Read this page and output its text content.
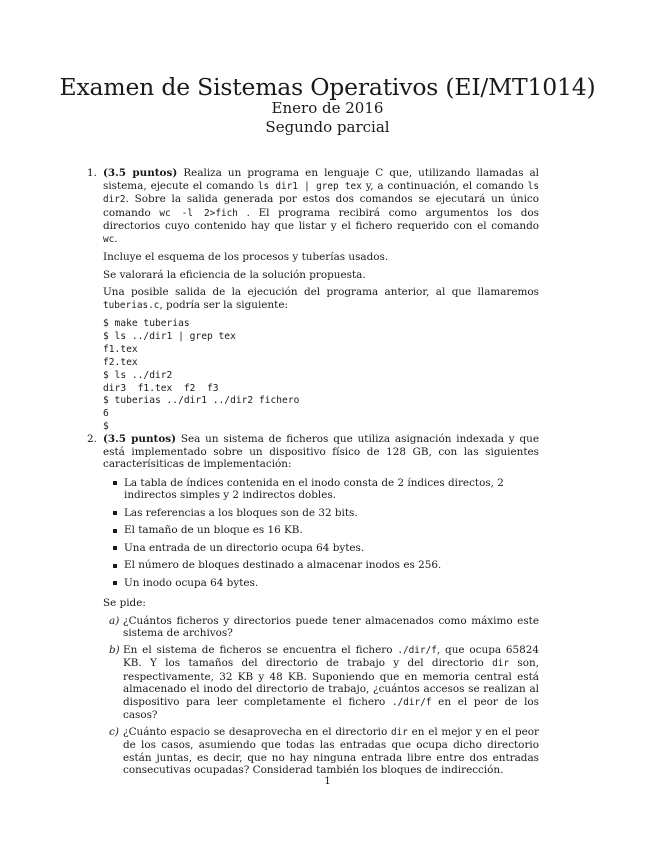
Examen de Sistemas Operativos (EI/MT1014)
Enero de 2016
Segundo parcial
1. (3.5 puntos) Realiza un programa en lenguaje C que, utilizando llamadas al sistema, ejecute el comando ls dir1 | grep tex y, a continuación, el comando ls dir2. Sobre la salida generada por estos dos comandos se ejecutará un único comando wc -l 2>fich . El programa recibirá como argumentos los dos directorios cuyo contenido hay que listar y el fichero requerido con el comando wc.

Incluye el esquema de los procesos y tuberías usados.

Se valorará la eficiencia de la solución propuesta.

Una posible salida de la ejecución del programa anterior, al que llamaremos tuberias.c, podría ser la siguiente:

$ make tuberias
$ ls ../dir1 | grep tex
f1.tex
f2.tex
$ ls ../dir2
dir3  f1.tex  f2  f3
$ tuberias ../dir1 ../dir2 fichero
6
$
2. (3.5 puntos) Sea un sistema de ficheros que utiliza asignación indexada y que está implementado sobre un dispositivo físico de 128 GB, con las siguientes caracterísiticas de implementación:

La tabla de índices contenida en el inodo consta de 2 índices directos, 2 indirectos simples y 2 indirectos dobles.
Las referencias a los bloques son de 32 bits.
El tamaño de un bloque es 16 KB.
Una entrada de un directorio ocupa 64 bytes.
El número de bloques destinado a almacenar inodos es 256.
Un inodo ocupa 64 bytes.

Se pide:

a) ¿Cuántos ficheros y directorios puede tener almacenados como máximo este sistema de archivos?
b) En el sistema de ficheros se encuentra el fichero ./dir/f, que ocupa 65824 KB. Y los tamaños del directorio de trabajo y del directorio dir son, respectivamente, 32 KB y 48 KB. Suponiendo que en memoria central está almacenado el inodo del directorio de trabajo, ¿cuántos accesos se realizan al dispositivo para leer completamente el fichero ./dir/f en el peor de los casos?
c) ¿Cuánto espacio se desaprovecha en el directorio dir en el mejor y en el peor de los casos, asumiendo que todas las entradas que ocupa dicho directorio están juntas, es decir, que no hay ninguna entrada libre entre dos entradas consecutivas ocupadas? Considerad también los bloques de indirección.
1
